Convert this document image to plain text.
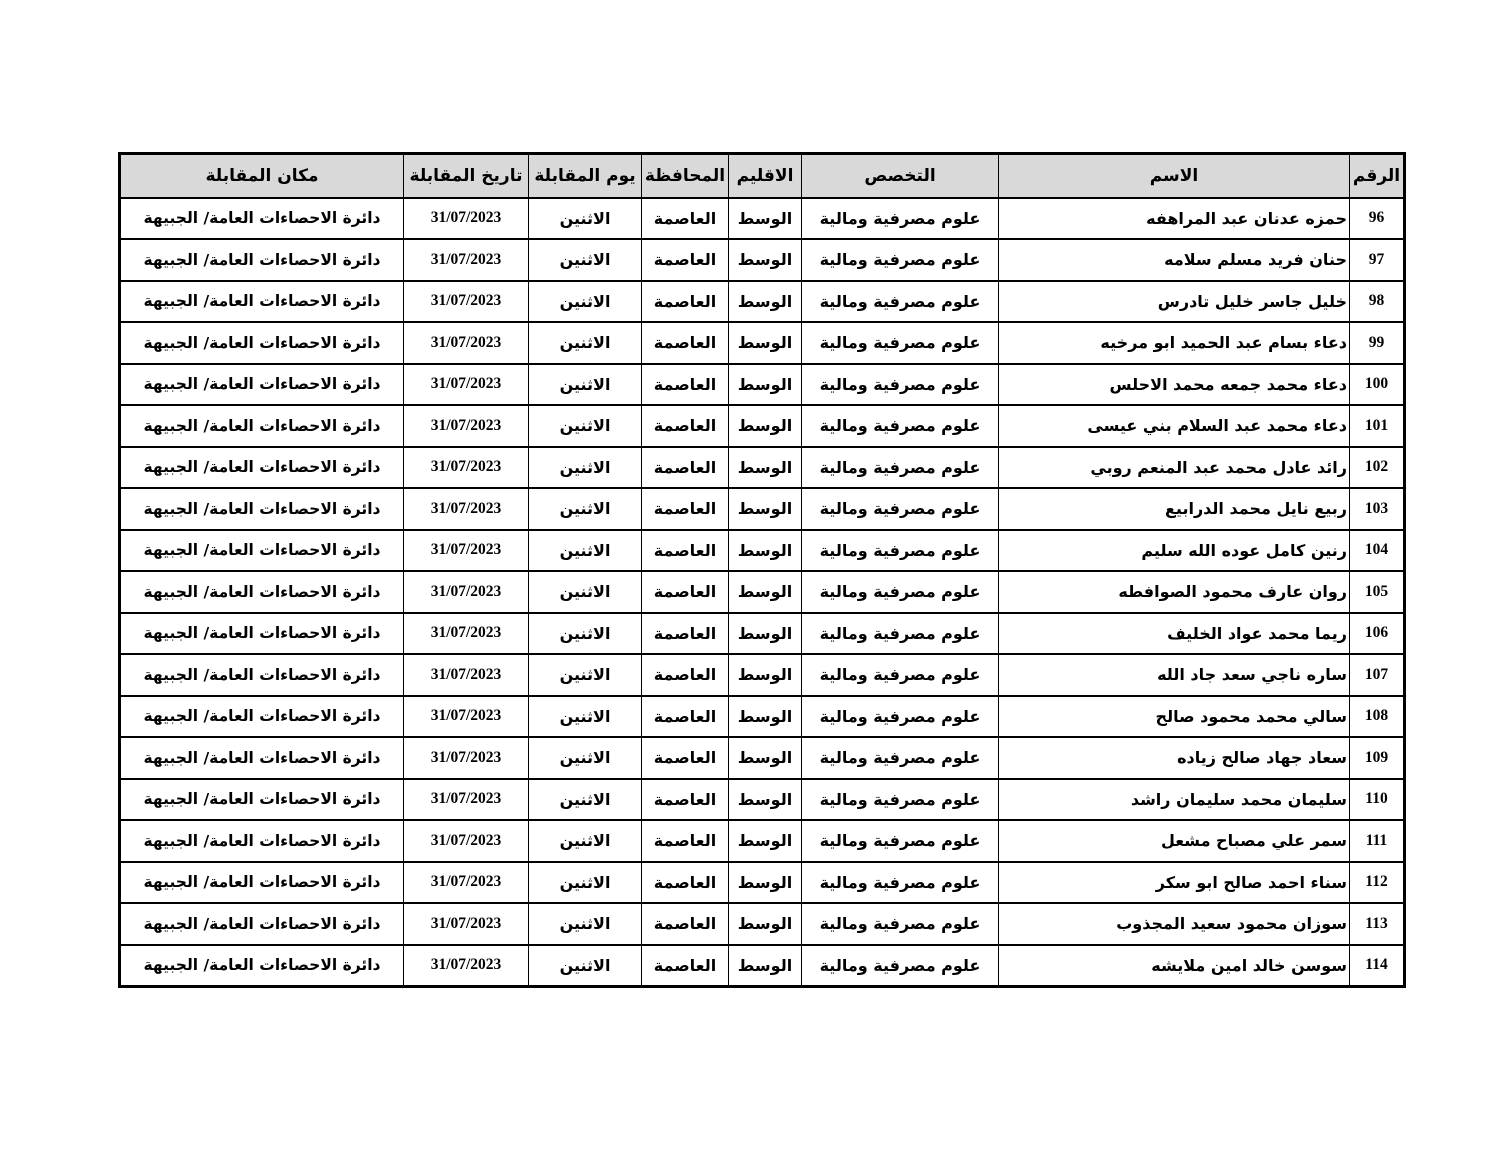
الرقم	الاسم	التخصص	الاقليم	المحافظة	يوم المقابلة	تاريخ المقابلة	مكان المقابلة
96	حمزه عدنان عبد المراهفه	علوم مصرفية ومالية	الوسط	العاصمة	الاثنين	31/07/2023	دائرة الاحصاءات العامة/ الجبيهة
97	حنان فريد مسلم سلامه	علوم مصرفية ومالية	الوسط	العاصمة	الاثنين	31/07/2023	دائرة الاحصاءات العامة/ الجبيهة
98	خليل جاسر خليل تادرس	علوم مصرفية ومالية	الوسط	العاصمة	الاثنين	31/07/2023	دائرة الاحصاءات العامة/ الجبيهة
99	دعاء بسام عبد الحميد ابو مرخيه	علوم مصرفية ومالية	الوسط	العاصمة	الاثنين	31/07/2023	دائرة الاحصاءات العامة/ الجبيهة
100	دعاء محمد جمعه محمد الاحلس	علوم مصرفية ومالية	الوسط	العاصمة	الاثنين	31/07/2023	دائرة الاحصاءات العامة/ الجبيهة
101	دعاء محمد عبد السلام بني عيسى	علوم مصرفية ومالية	الوسط	العاصمة	الاثنين	31/07/2023	دائرة الاحصاءات العامة/ الجبيهة
102	رائد عادل محمد عبد المنعم روبي	علوم مصرفية ومالية	الوسط	العاصمة	الاثنين	31/07/2023	دائرة الاحصاءات العامة/ الجبيهة
103	ربيع نايل محمد الدرابيع	علوم مصرفية ومالية	الوسط	العاصمة	الاثنين	31/07/2023	دائرة الاحصاءات العامة/ الجبيهة
104	رنين كامل عوده الله سليم	علوم مصرفية ومالية	الوسط	العاصمة	الاثنين	31/07/2023	دائرة الاحصاءات العامة/ الجبيهة
105	روان عارف محمود الصوافطه	علوم مصرفية ومالية	الوسط	العاصمة	الاثنين	31/07/2023	دائرة الاحصاءات العامة/ الجبيهة
106	ريما محمد عواد الخليف	علوم مصرفية ومالية	الوسط	العاصمة	الاثنين	31/07/2023	دائرة الاحصاءات العامة/ الجبيهة
107	ساره ناجي سعد جاد الله	علوم مصرفية ومالية	الوسط	العاصمة	الاثنين	31/07/2023	دائرة الاحصاءات العامة/ الجبيهة
108	سالي محمد محمود صالح	علوم مصرفية ومالية	الوسط	العاصمة	الاثنين	31/07/2023	دائرة الاحصاءات العامة/ الجبيهة
109	سعاد جهاد صالح زياده	علوم مصرفية ومالية	الوسط	العاصمة	الاثنين	31/07/2023	دائرة الاحصاءات العامة/ الجبيهة
110	سليمان محمد سليمان راشد	علوم مصرفية ومالية	الوسط	العاصمة	الاثنين	31/07/2023	دائرة الاحصاءات العامة/ الجبيهة
111	سمر علي مصباح مشعل	علوم مصرفية ومالية	الوسط	العاصمة	الاثنين	31/07/2023	دائرة الاحصاءات العامة/ الجبيهة
112	سناء احمد صالح ابو سكر	علوم مصرفية ومالية	الوسط	العاصمة	الاثنين	31/07/2023	دائرة الاحصاءات العامة/ الجبيهة
113	سوزان محمود سعيد المجذوب	علوم مصرفية ومالية	الوسط	العاصمة	الاثنين	31/07/2023	دائرة الاحصاءات العامة/ الجبيهة
114	سوسن خالد امين ملايشه	علوم مصرفية ومالية	الوسط	العاصمة	الاثنين	31/07/2023	دائرة الاحصاءات العامة/ الجبيهة
